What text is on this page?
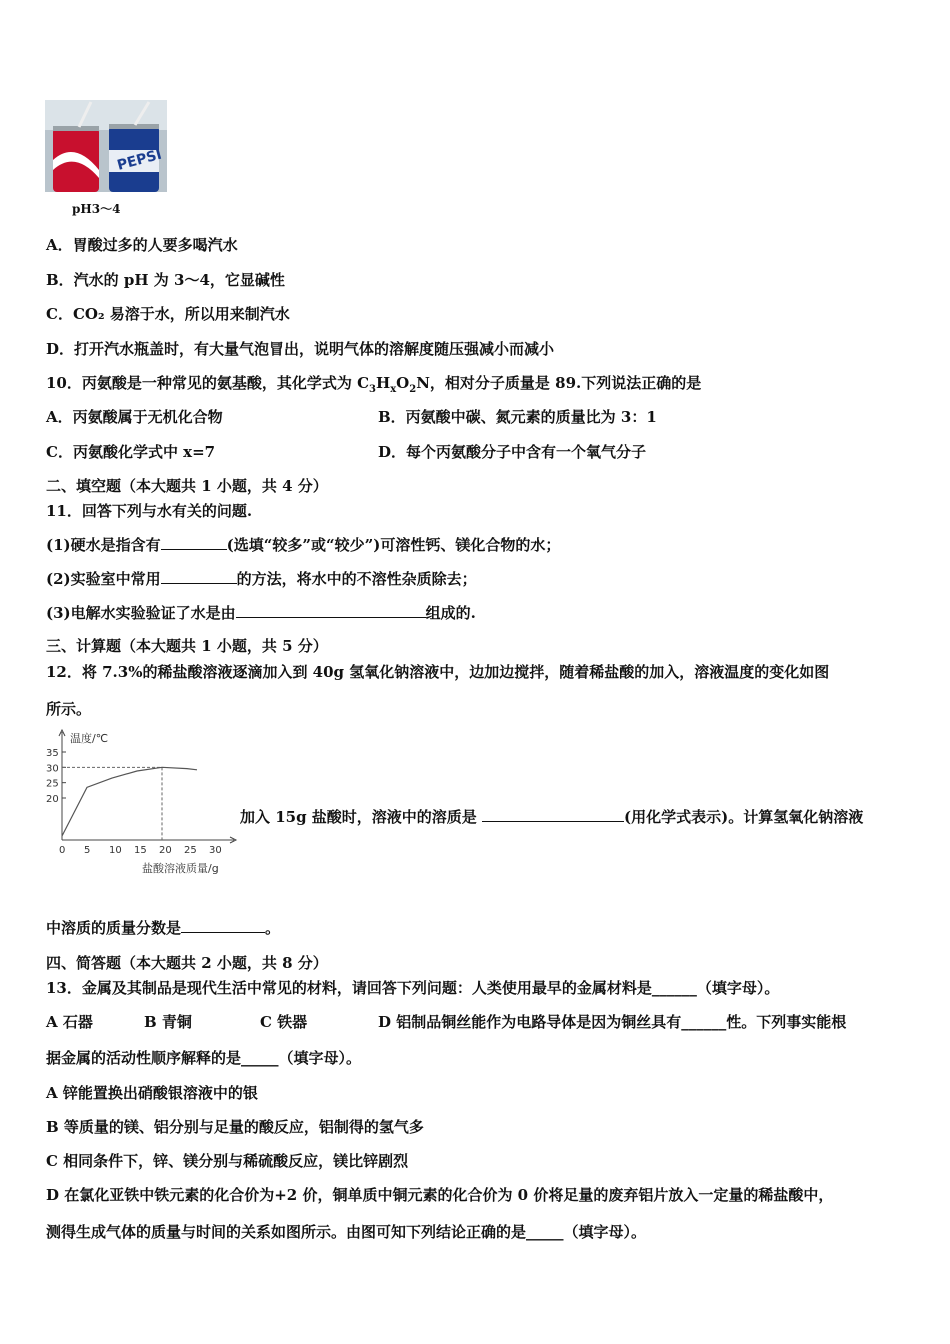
PEPSI
pH3～4
A．胃酸过多的人要多喝汽水
B．汽水的 pH 为 3～4，它显碱性
C．CO₂ 易溶于水，所以用来制汽水
D．打开汽水瓶盖时，有大量气泡冒出，说明气体的溶解度随压强减小而减小
10．丙氨酸是一种常见的氨基酸，其化学式为 $C_3H_xO_2N$，相对分子质量是 89.下列说法正确的是
A．丙氨酸属于无机化合物	B．丙氨酸中碳、氮元素的质量比为 3：1
C．丙氨酸化学式中 x=7	D．每个丙氨酸分子中含有一个氧气分子
二、填空题（本大题共 1 小题，共 4 分）
11．回答下列与水有关的问题.
(1)硬水是指含有	(选填“较多”或“较少”)可溶性钙、镁化合物的水；
(2)实验室中常用	的方法，将水中的不溶性杂质除去；
(3)电解水实验验证了水是由	组成的.
三、计算题（本大题共 1 小题，共 5 分）
12．将 7.3%的稀盐酸溶液逐滴加入到 40g 氢氧化钠溶液中，边加边搅拌，随着稀盐酸的加入，溶液温度的变化如图
所示。
温度/℃
盐酸溶液质量/g
0 5 10 15 20 25 30
20
25
30
35
加入 15g 盐酸时，溶液中的溶质是	(用化学式表示)。计算氢氧化钠溶液
中溶质的质量分数是	。
四、简答题（本大题共 2 小题，共 8 分）
13．金属及其制品是现代生活中常见的材料，请回答下列问题：人类使用最早的金属材料是______（填字母）。
A 石器	B 青铜	C 铁器	D 铝制品铜丝能作为电路导体是因为铜丝具有______性。下列事实能根
据金属的活动性顺序解释的是_____（填字母）。
A 锌能置换出硝酸银溶液中的银
B 等质量的镁、铝分别与足量的酸反应，铝制得的氢气多
C 相同条件下，锌、镁分别与稀硫酸反应，镁比锌剧烈
D 在氯化亚铁中铁元素的化合价为+2 价，铜单质中铜元素的化合价为 0 价将足量的废弃铝片放入一定量的稀盐酸中，
测得生成气体的质量与时间的关系如图所示。由图可知下列结论正确的是_____（填字母）。
